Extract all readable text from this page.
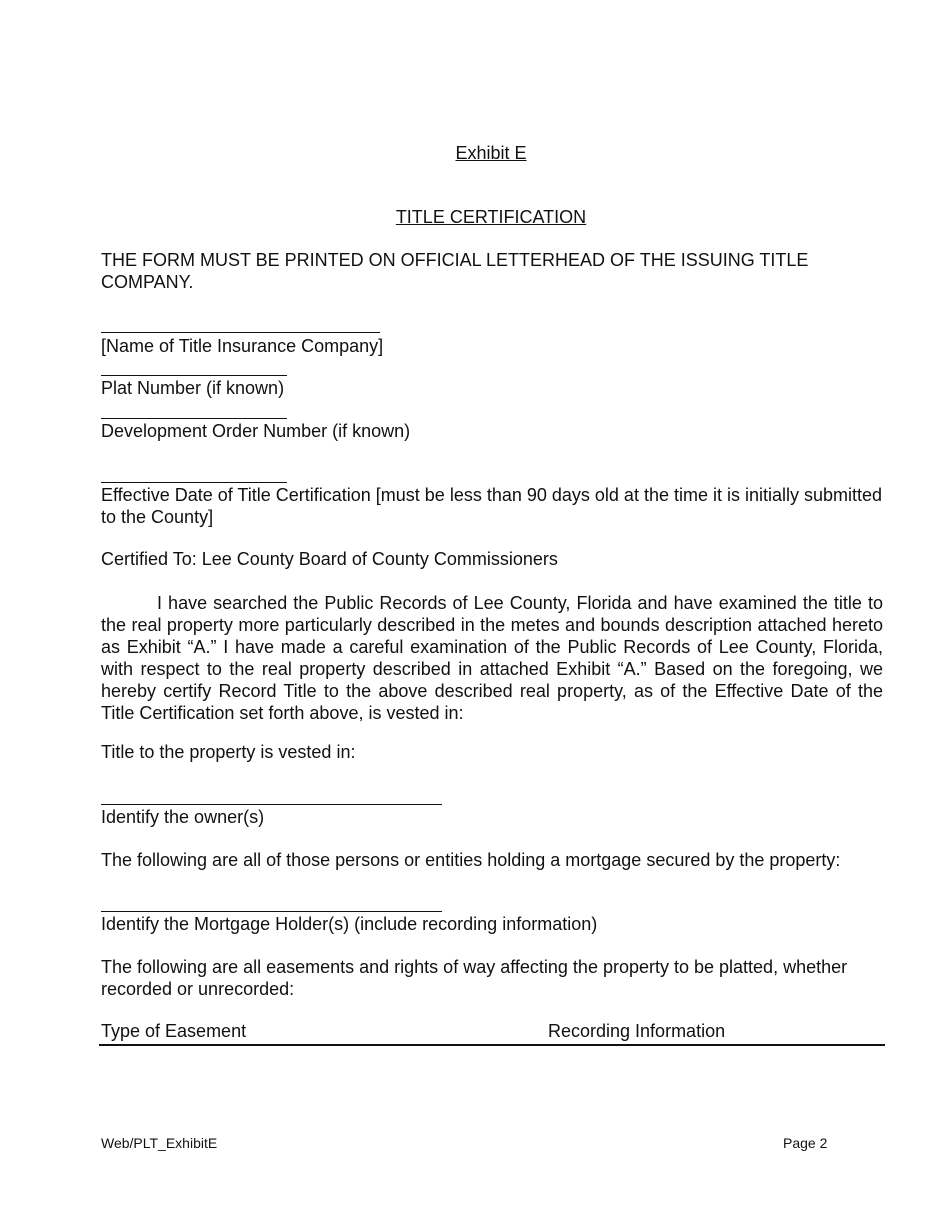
Exhibit E
TITLE CERTIFICATION
THE FORM MUST BE PRINTED ON OFFICIAL LETTERHEAD OF THE ISSUING TITLE COMPANY.
[Name of Title Insurance Company]
Plat Number (if known)
Development Order Number (if known)
Effective Date of Title Certification [must be less than 90 days old at the time it is initially submitted to the County]
Certified To: Lee County Board of County Commissioners
I have searched the Public Records of Lee County, Florida and have examined the title to the real property more particularly described in the metes and bounds description attached hereto as Exhibit “A.” I have made a careful examination of the Public Records of Lee County, Florida, with respect to the real property described in attached Exhibit “A.” Based on the foregoing, we hereby certify Record Title to the above described real property, as of the Effective Date of the Title Certification set forth above, is vested in:
Title to the property is vested in:
Identify the owner(s)
The following are all of those persons or entities holding a mortgage secured by the property:
Identify the Mortgage Holder(s) (include recording information)
The following are all easements and rights of way affecting the property to be platted, whether recorded or unrecorded:
Type of Easement	Recording Information
Web/PLT_ExhibitE	Page 2
